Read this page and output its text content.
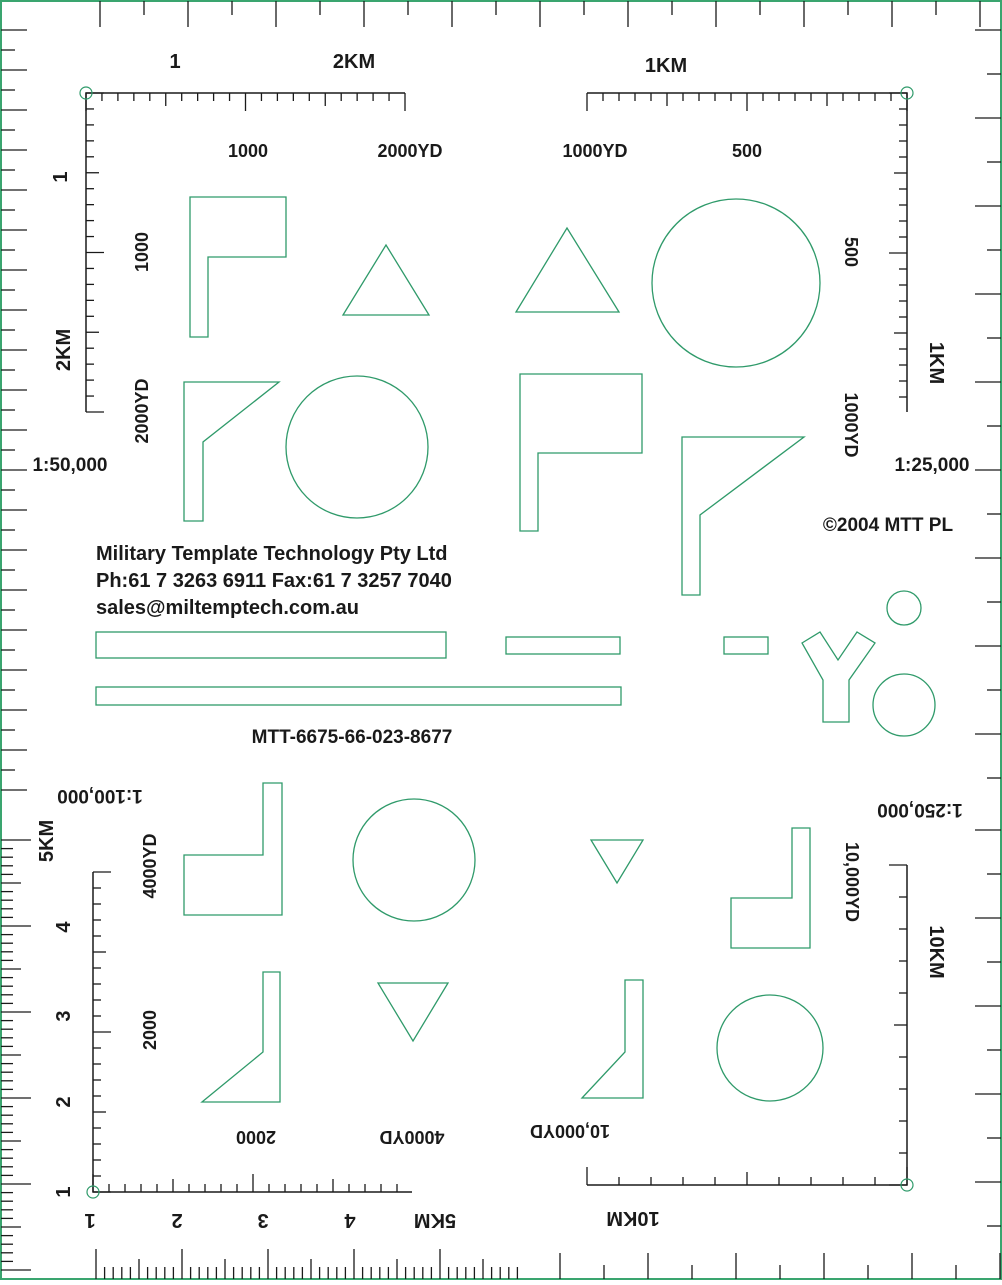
1	2KM
1000	2000YD
1
2KM
1000
2000YD
1:50,000
1KM
1000YD	500
500
1000YD
1KM
1:25,000
©2004 MTT PL
Military Template Technology Pty Ltd
Ph:61 7 3263 6911 Fax:61 7 3257 7040
sales@miltemptech.com.au
MTT-6675-66-023-8677
1:100,000
5KM
4
3
2
1
4000YD
2000
2000	4000YD
1	2	3	4	5KM
1:250,000
10,000YD
10KM
10,000YD
10KM
